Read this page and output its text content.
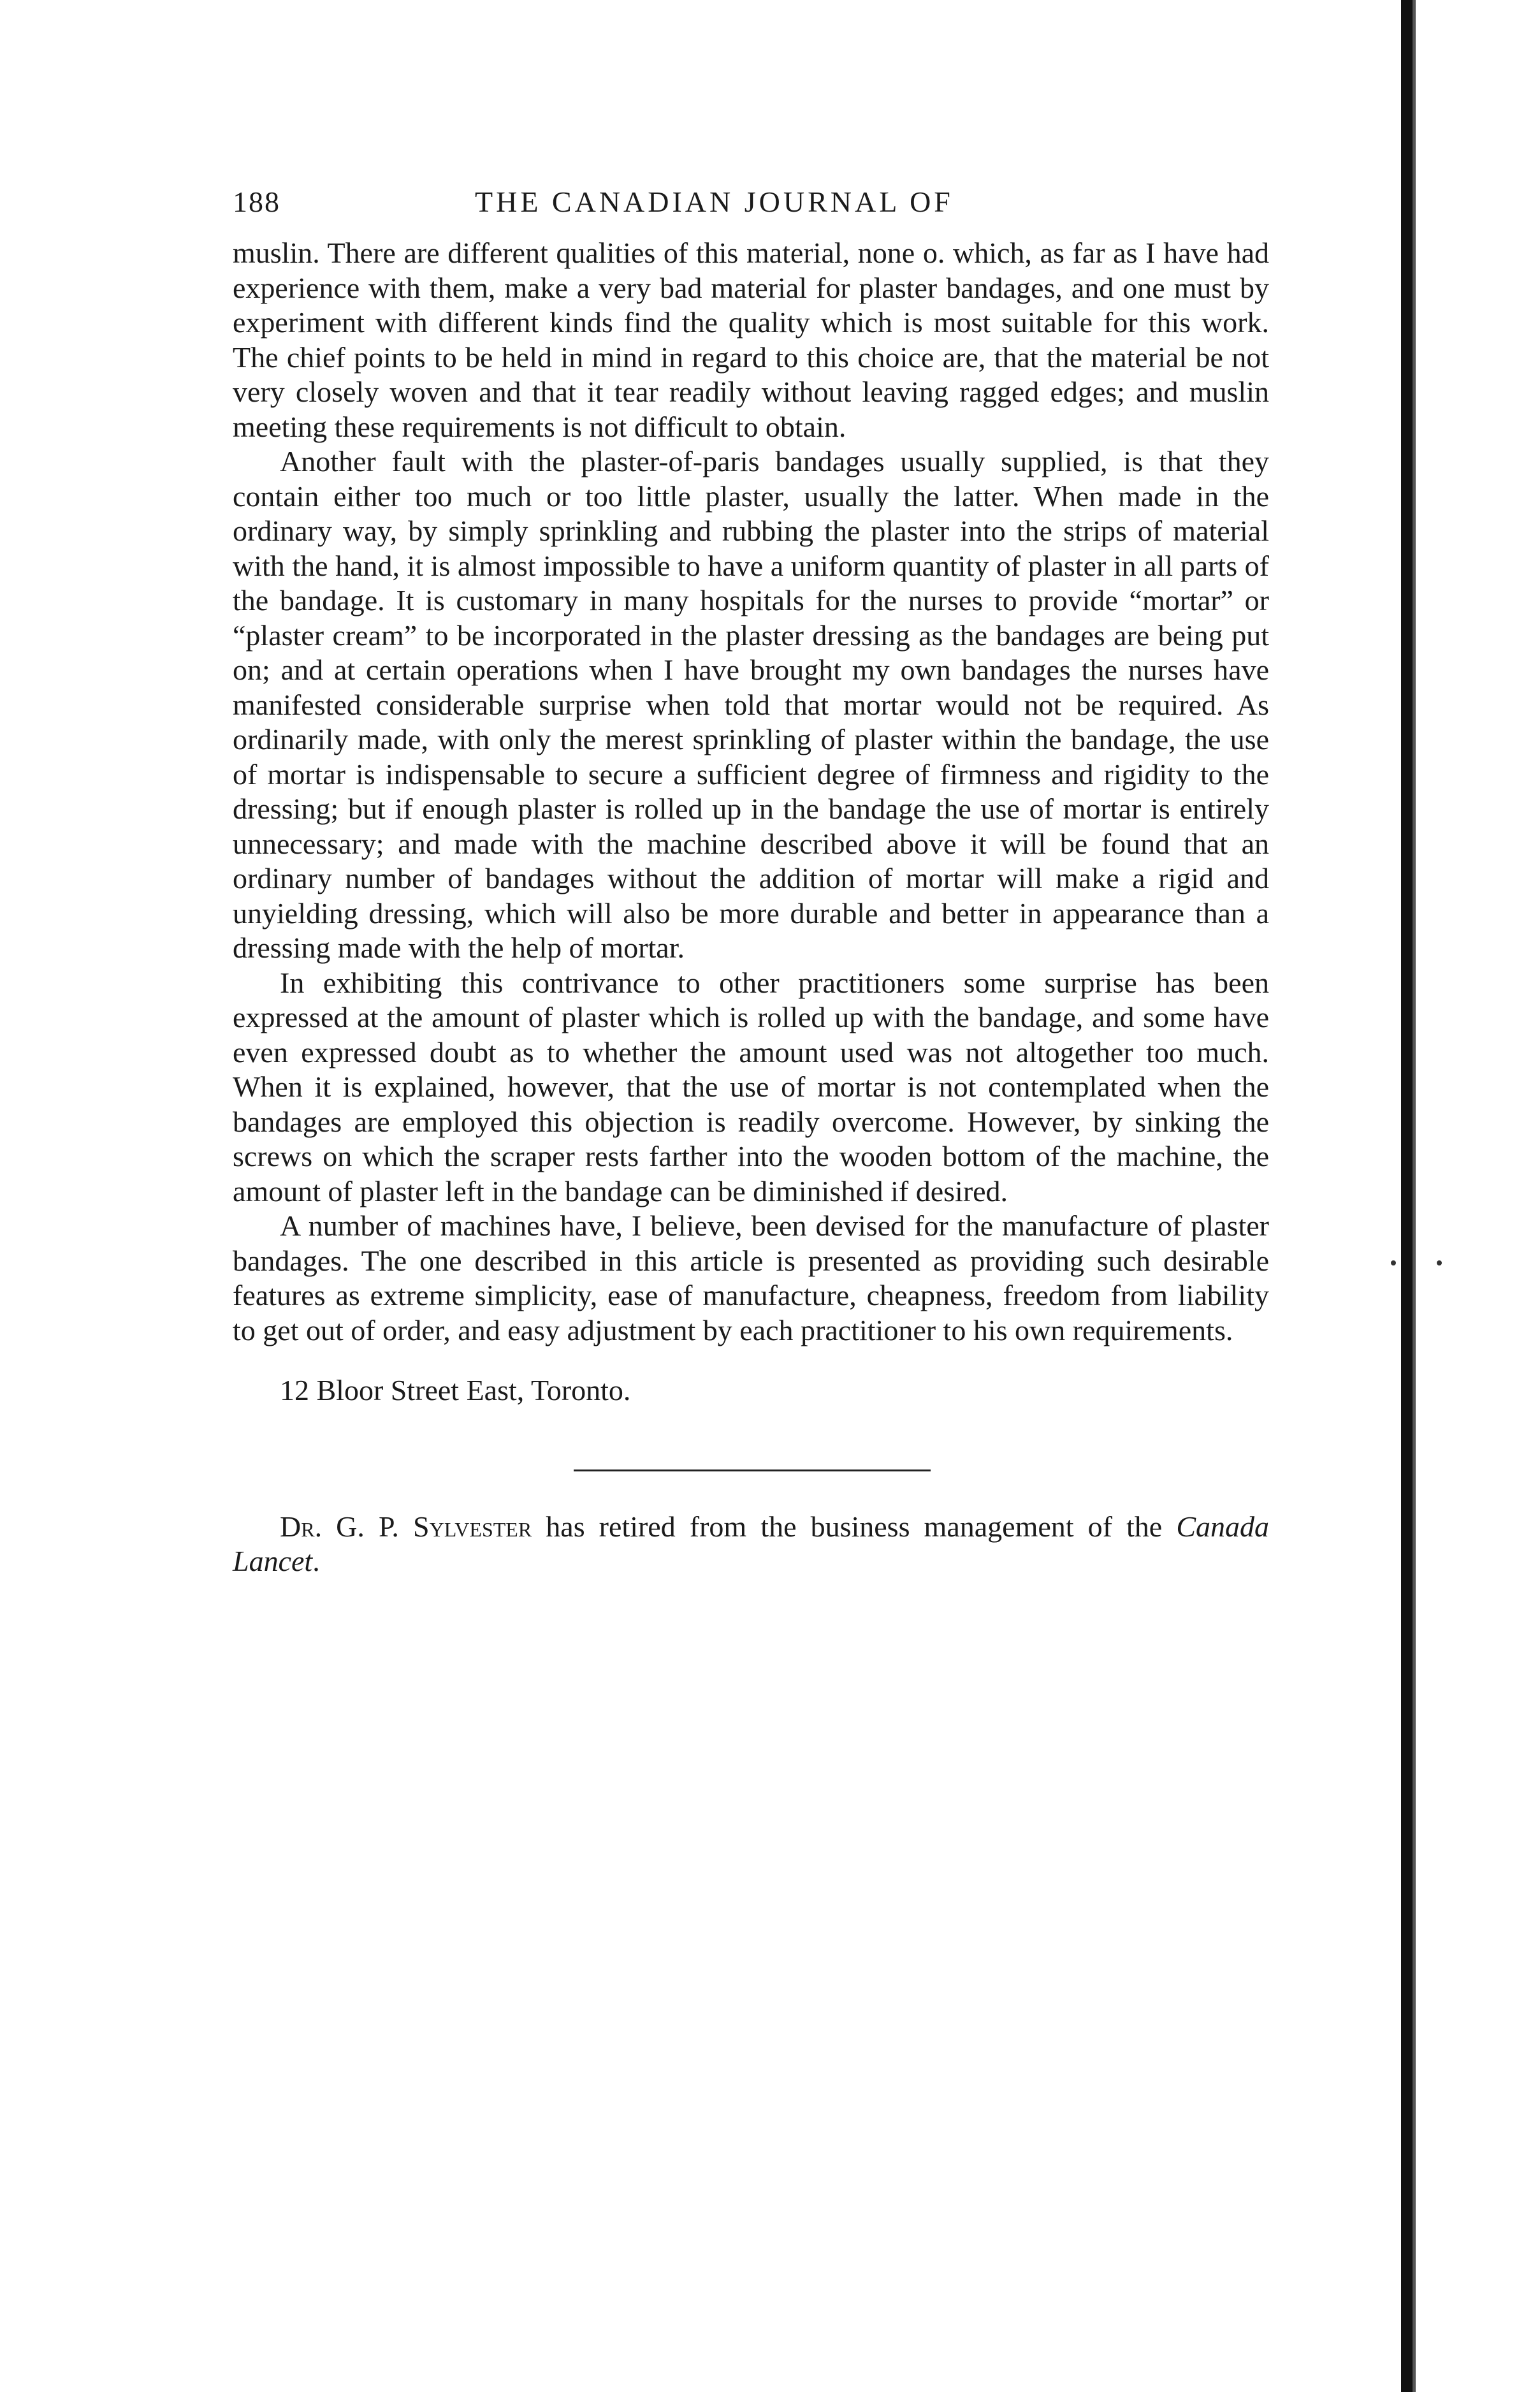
188	THE CANADIAN JOURNAL OF

muslin. There are different qualities of this material, none o. which, as far as I have had experience with them, make a very bad material for plaster bandages, and one must by experiment with different kinds find the quality which is most suitable for this work. The chief points to be held in mind in regard to this choice are, that the material be not very closely woven and that it tear readily without leaving ragged edges; and muslin meeting these requirements is not difficult to obtain.

Another fault with the plaster-of-paris bandages usually supplied, is that they contain either too much or too little plaster, usually the latter. When made in the ordinary way, by simply sprinkling and rubbing the plaster into the strips of material with the hand, it is almost impossible to have a uniform quantity of plaster in all parts of the bandage. It is customary in many hospitals for the nurses to provide “mortar” or “plaster cream” to be incorporated in the plaster dressing as the bandages are being put on; and at certain operations when I have brought my own bandages the nurses have manifested considerable surprise when told that mortar would not be required. As ordinarily made, with only the merest sprinkling of plaster within the bandage, the use of mortar is indispensable to secure a sufficient degree of firmness and rigidity to the dressing; but if enough plaster is rolled up in the bandage the use of mortar is entirely unnecessary; and made with the machine described above it will be found that an ordinary number of bandages without the addition of mortar will make a rigid and unyielding dressing, which will also be more durable and better in appearance than a dressing made with the help of mortar.

In exhibiting this contrivance to other practitioners some surprise has been expressed at the amount of plaster which is rolled up with the bandage, and some have even expressed doubt as to whether the amount used was not altogether too much. When it is explained, however, that the use of mortar is not contemplated when the bandages are employed this objection is readily overcome. However, by sinking the screws on which the scraper rests farther into the wooden bottom of the machine, the amount of plaster left in the bandage can be diminished if desired.

A number of machines have, I believe, been devised for the manufacture of plaster bandages. The one described in this article is presented as providing such desirable features as extreme simplicity, ease of manufacture, cheapness, freedom from liability to get out of order, and easy adjustment by each practitioner to his own requirements.

12 Bloor Street East, Toronto.

Dr. G. P. Sylvester has retired from the business management of the Canada Lancet.
